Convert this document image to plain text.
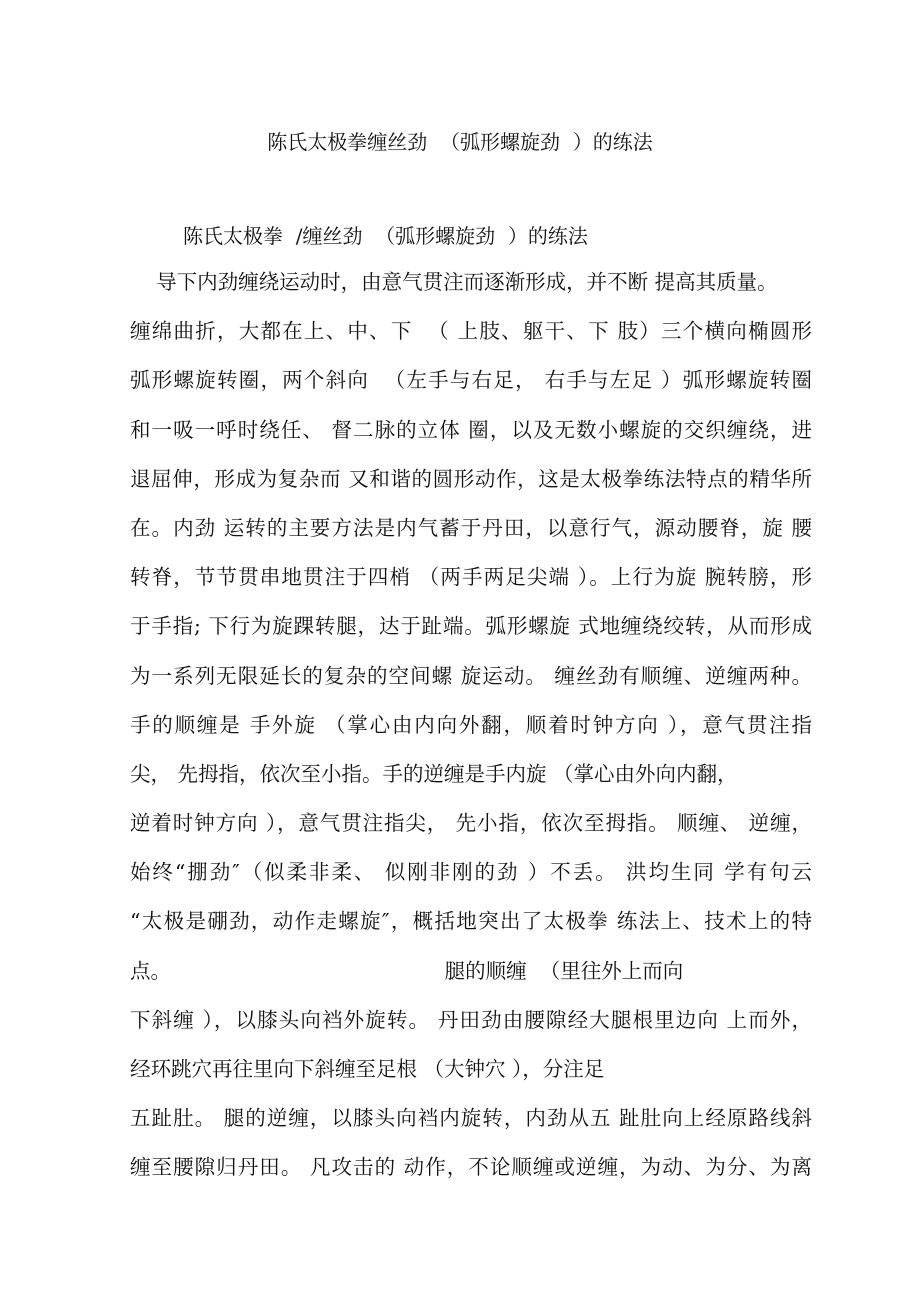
陈氏太极拳缠丝劲  （弧形螺旋劲  ）的练法
陈氏太极拳  /缠丝劲  （弧形螺旋劲  ）的练法
导下内劲缠绕运动时，由意气贯注而逐渐形成，并不断 提高其质量。
缠绵曲折，大都在上、中、下  （ 上肢、躯干、下 肢）三个横向椭圆形
弧形螺旋转圈，两个斜向  （左手与右足， 右手与左足 ）弧形螺旋转圈
和一吸一呼时绕任、 督二脉的立体 圈，以及无数小螺旋的交织缠绕，进
退屈伸，形成为复杂而 又和谐的圆形动作，这是太极拳练法特点的精华所
在。内劲 运转的主要方法是内气蓄于丹田，以意行气，源动腰脊，旋 腰
转脊，节节贯串地贯注于四梢 （两手两足尖端 ）。上行为旋 腕转膀，形
于手指; 下行为旋踝转腿，达于趾端。弧形螺旋 式地缠绕绞转，从而形成
为一系列无限延长的复杂的空间螺 旋运动。 缠丝劲有顺缠、逆缠两种。
手的顺缠是 手外旋 （掌心由内向外翻，顺着时钟方向 ），意气贯注指
尖， 先拇指，依次至小指。手的逆缠是手内旋 （掌心由外向内翻，
逆着时钟方向 ），意气贯注指尖， 先小指，依次至拇指。 顺缠、 逆缠，
始终“掤劲″（似柔非柔、 似刚非刚的劲 ）不丢。 洪均生同 学有句云
“太极是硼劲，动作走螺旋″，概括地突出了太极拳 练法上、技术上的特
点。                                          腿的顺缠  （里往外上而向
下斜缠 ），以膝头向裆外旋转。 丹田劲由腰隙经大腿根里边向 上而外，
经环跳穴再往里向下斜缠至足根 （大钟穴 ），分注足
五趾肚。 腿的逆缠，以膝头向裆内旋转，内劲从五 趾肚向上经原路线斜
缠至腰隙归丹田。 凡攻击的 动作，不论顺缠或逆缠，为动、为分、为离
